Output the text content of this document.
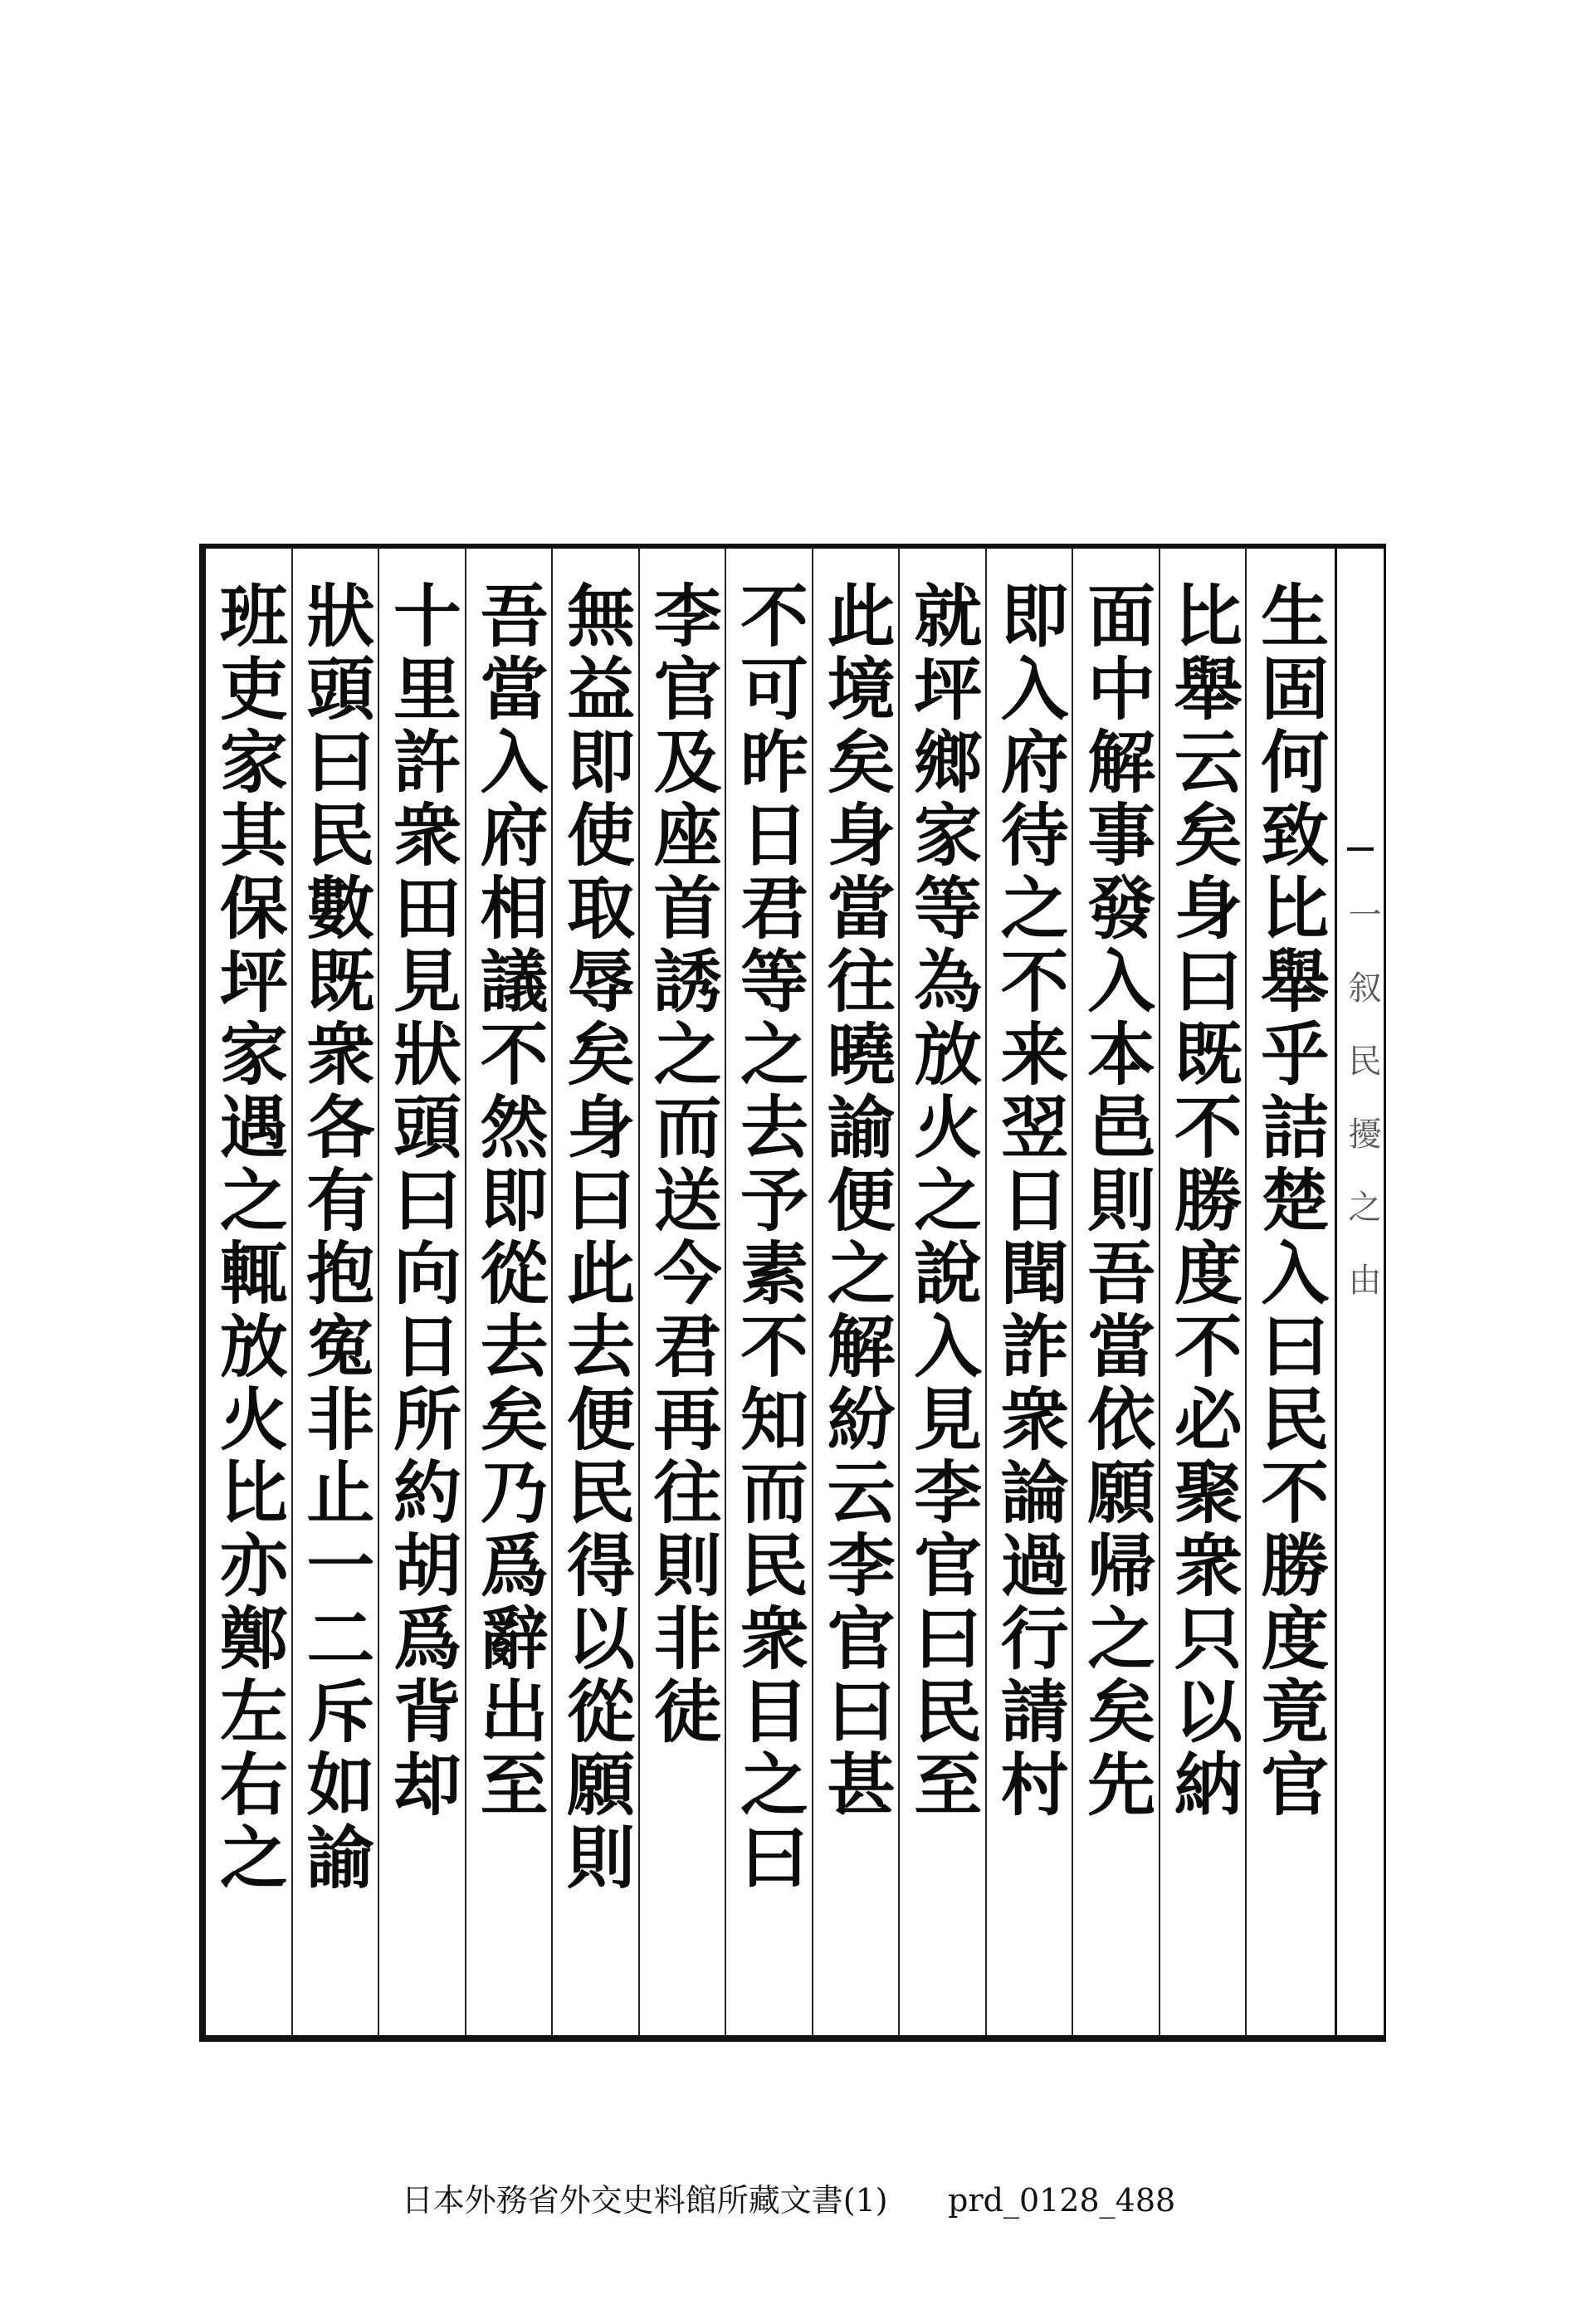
一　叙　民　擾　之　由
生固何致比舉乎詰楚入曰民不勝度竟官
比舉云矣身曰既不勝度不必聚衆只以納
面中解事發入本邑則吾當依願帰之矣先
即入府待之不来翌日聞詐衆論過行請村
就坪鄉家等為放火之說入見李官曰民至
此境矣身當往曉諭便之解紛云李官曰甚
不可昨日君等之去予素不知而民衆目之曰
李官及座首誘之而送今君再往則非徒
無益即使取辱矣身曰此去便民得以從願則
吾當入府相議不然即從去矣乃爲辭出至
十里許衆田見狀頭曰向日所約胡爲背却
狀頭曰民數既衆各有抱寃非止一二斥如諭
班吏家其保坪家遇之輒放火比亦鄭左右之
日本外務省外交史料館所藏文書(1) prd_0128_488
